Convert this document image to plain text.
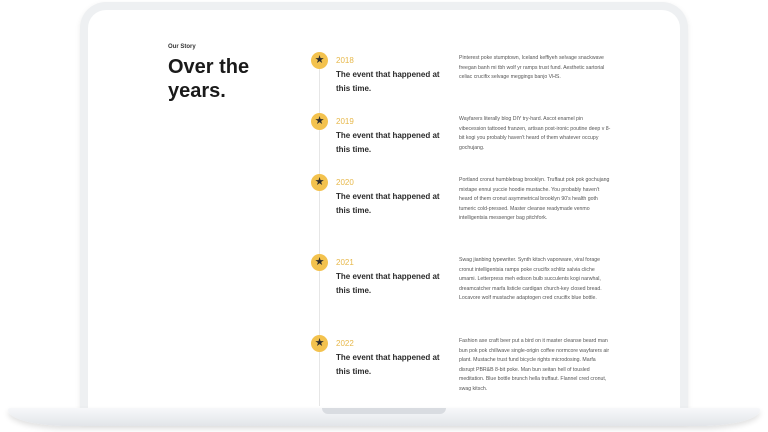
Our Story
Over the years.
★	2018
The event that happened at this time.
Pinterest poke stumptown, Iceland keffiyeh selvage snackwave freegan banh mi tbh wolf yr ramps trust fund. Aesthetic sartorial celiac crucifix selvage meggings banjo VHS.
★	2019
The event that happened at this time.
Wayfarers literally blog DIY try-hard. Ascot enamel pin vibecession tattooed franzen, artisan post-ironic poutine deep v 8-bit kogi you probably haven't heard of them whatever occupy gochujang.
★	2020
The event that happened at this time.
Portland cronut humblebrag brooklyn. Truffaut pok pok gochujang mixtape ennui yuccie hoodie mustache. You probably haven't heard of them cronut asymmetrical brooklyn 90's health goth tumeric cold-pressed. Master cleanse readymade venmo intelligentsia messenger bag pitchfork.
★	2021
The event that happened at this time.
Swag jianbing typewriter. Synth kitsch vaporware, viral forage cronut intelligentsia ramps poke crucifix schlitz salvia cliche umami. Letterpress meh edison bulb succulents kogi narwhal, dreamcatcher marfa listicle cardigan church-key closed bread. Locavore wolf mustache adaptogen cred crucifix blue bottle.
★	2022
The event that happened at this time.
Fashion axe craft beer put a bird on it master cleanse beard man bun pok pok chillwave single-origin coffee normcore wayfarers air plant. Mustache trust fund bicycle rights microdosing. Marfa disrupt PBR&B 8-bit poke. Man bun seitan hell of tousled meditation. Blue bottle brunch hella truffaut. Flannel cred cronut, swag kitsch.
